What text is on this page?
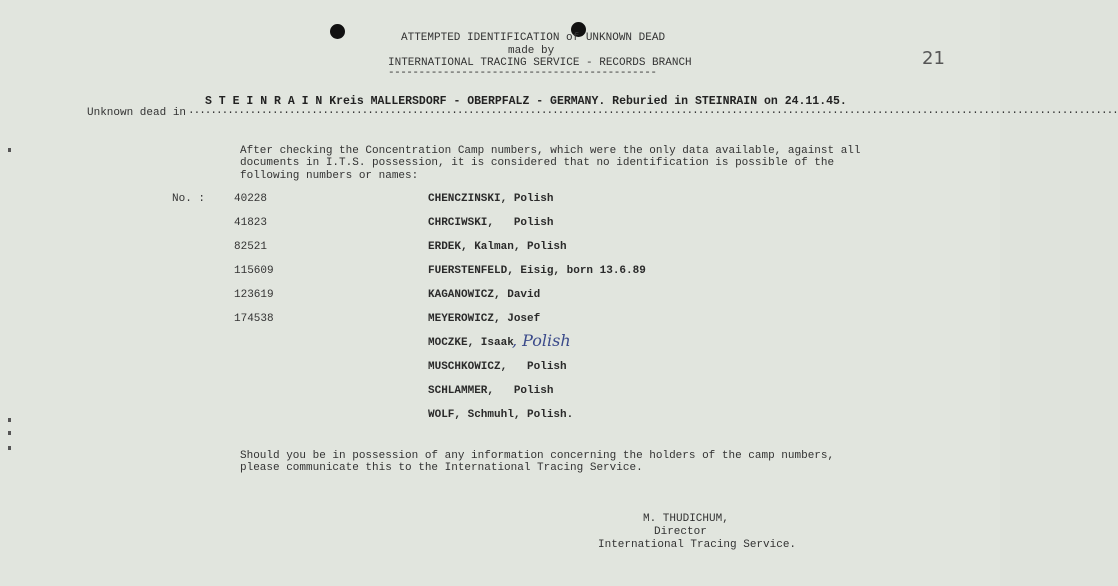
ATTEMPTED IDENTIFICATION of UNKNOWN DEAD
made by
INTERNATIONAL TRACING SERVICE - RECORDS BRANCH
--------------------------------------------
21
S T E I N R A I N Kreis MALLERSDORF - OBERPFALZ - GERMANY. Reburied in STEINRAIN on 24.11.45.
Unknown dead in ......................................................................................................................................................................
After checking the Concentration Camp numbers, which were the only data available, against all
documents in I.T.S. possession, it is considered that no identification is possible of the
following numbers or names:
No. :	40228
41823
82521
115609
123619
174538
CHENCZINSKI, Polish
CHRCIWSKI,   Polish
ERDEK, Kalman, Polish
FUERSTENFELD, Eisig, born 13.6.89
KAGANOWICZ, David
MEYEROWICZ, Josef
MOCZKE, Isaak
, Polish
MUSCHKOWICZ,   Polish
SCHLAMMER,   Polish
WOLF, Schmuhl, Polish.
Should you be in possession of any information concerning the holders of the camp numbers,
please communicate this to the International Tracing Service.
M. THUDICHUM,
Director
International Tracing Service.
